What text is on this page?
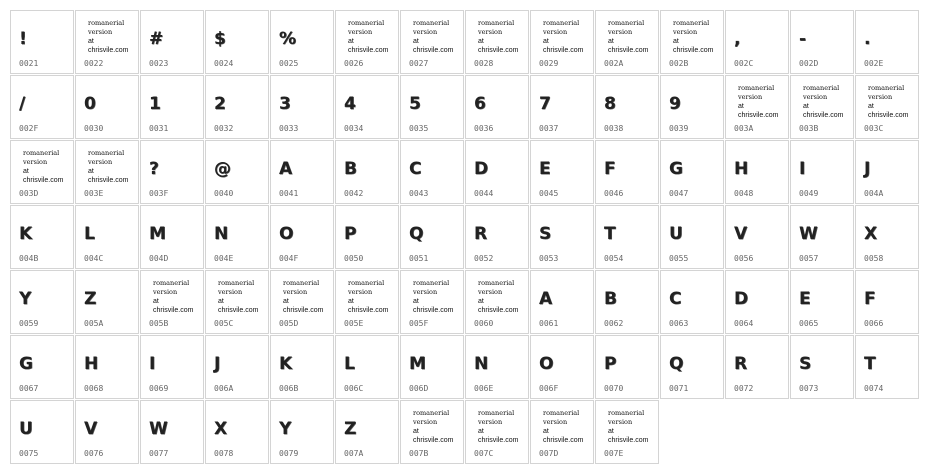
!
0021
romanerial
version
at
chrisvile.com
0022
#
0023
$
0024
%
0025
romanerial
version
at
chrisvile.com
0026
romanerial
version
at
chrisvile.com
0027
romanerial
version
at
chrisvile.com
0028
romanerial
version
at
chrisvile.com
0029
romanerial
version
at
chrisvile.com
002A
romanerial
version
at
chrisvile.com
002B
,
002C
-
002D
.
002E
/
002F
0
0030
1
0031
2
0032
3
0033
4
0034
5
0035
6
0036
7
0037
8
0038
9
0039
romanerial
version
at
chrisvile.com
003A
romanerial
version
at
chrisvile.com
003B
romanerial
version
at
chrisvile.com
003C
romanerial
version
at
chrisvile.com
003D
romanerial
version
at
chrisvile.com
003E
?
003F
@
0040
A
0041
B
0042
C
0043
D
0044
E
0045
F
0046
G
0047
H
0048
I
0049
J
004A
K
004B
L
004C
M
004D
N
004E
O
004F
P
0050
Q
0051
R
0052
S
0053
T
0054
U
0055
V
0056
W
0057
X
0058
Y
0059
Z
005A
romanerial
version
at
chrisvile.com
005B
romanerial
version
at
chrisvile.com
005C
romanerial
version
at
chrisvile.com
005D
romanerial
version
at
chrisvile.com
005E
romanerial
version
at
chrisvile.com
005F
romanerial
version
at
chrisvile.com
0060
A
0061
B
0062
C
0063
D
0064
E
0065
F
0066
G
0067
H
0068
I
0069
J
006A
K
006B
L
006C
M
006D
N
006E
O
006F
P
0070
Q
0071
R
0072
S
0073
T
0074
U
0075
V
0076
W
0077
X
0078
Y
0079
Z
007A
romanerial
version
at
chrisvile.com
007B
romanerial
version
at
chrisvile.com
007C
romanerial
version
at
chrisvile.com
007D
romanerial
version
at
chrisvile.com
007E
